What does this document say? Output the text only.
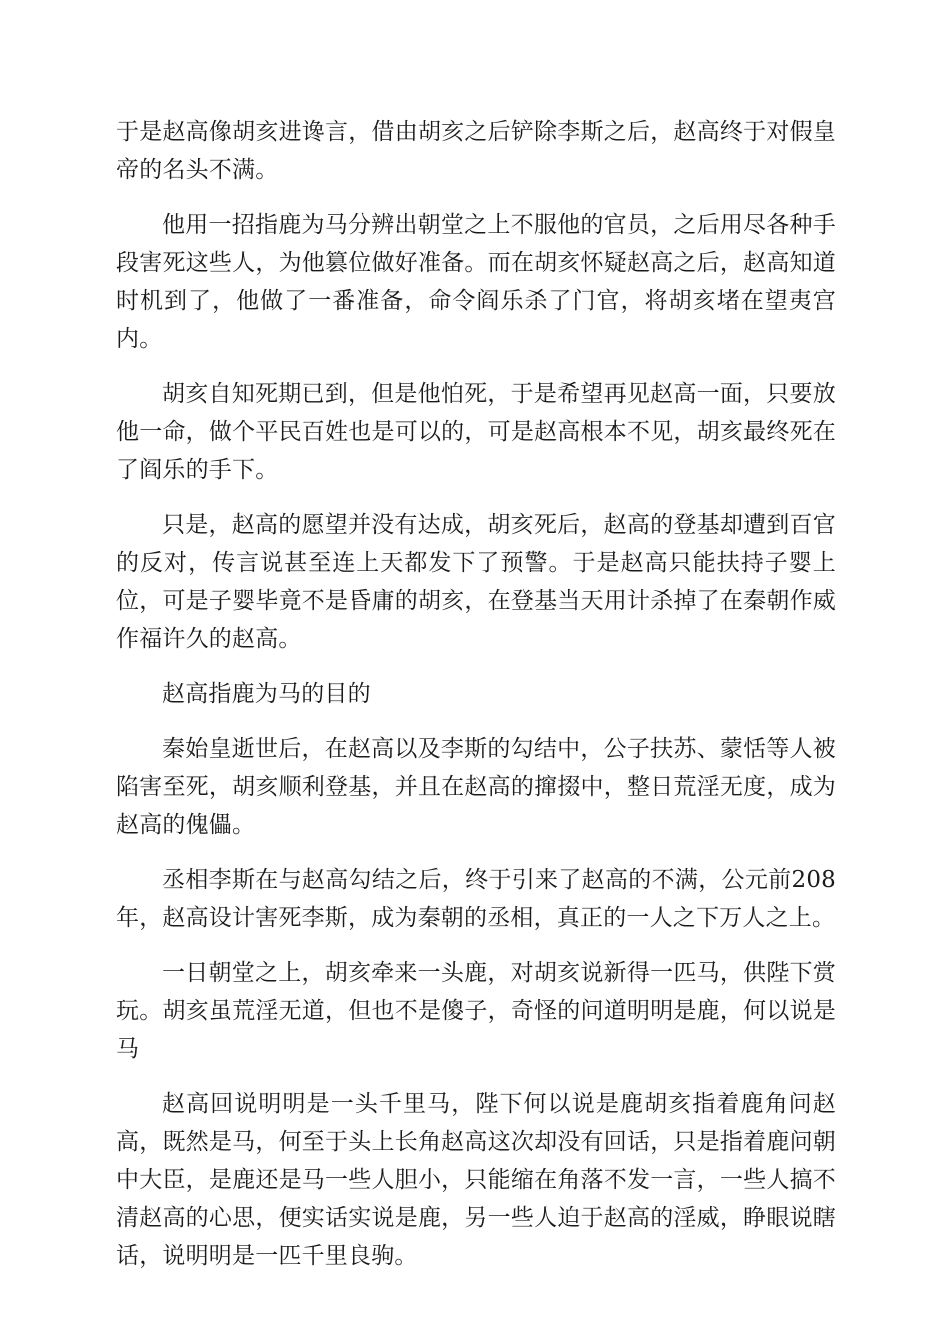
于是赵高像胡亥进谗言，借由胡亥之后铲除李斯之后，赵高终于对假皇帝的名头不满。

他用一招指鹿为马分辨出朝堂之上不服他的官员，之后用尽各种手段害死这些人，为他篡位做好准备。而在胡亥怀疑赵高之后，赵高知道时机到了，他做了一番准备，命令阎乐杀了门官，将胡亥堵在望夷宫内。

胡亥自知死期已到，但是他怕死，于是希望再见赵高一面，只要放他一命，做个平民百姓也是可以的，可是赵高根本不见，胡亥最终死在了阎乐的手下。

只是，赵高的愿望并没有达成，胡亥死后，赵高的登基却遭到百官的反对，传言说甚至连上天都发下了预警。于是赵高只能扶持子婴上位，可是子婴毕竟不是昏庸的胡亥，在登基当天用计杀掉了在秦朝作威作福许久的赵高。

赵高指鹿为马的目的

秦始皇逝世后，在赵高以及李斯的勾结中，公子扶苏、蒙恬等人被陷害至死，胡亥顺利登基，并且在赵高的撺掇中，整日荒淫无度，成为赵高的傀儡。

丞相李斯在与赵高勾结之后，终于引来了赵高的不满，公元前208年，赵高设计害死李斯，成为秦朝的丞相，真正的一人之下万人之上。

一日朝堂之上，胡亥牵来一头鹿，对胡亥说新得一匹马，供陛下赏玩。胡亥虽荒淫无道，但也不是傻子，奇怪的问道明明是鹿，何以说是马

赵高回说明明是一头千里马，陛下何以说是鹿胡亥指着鹿角问赵高，既然是马，何至于头上长角赵高这次却没有回话，只是指着鹿问朝中大臣，是鹿还是马一些人胆小，只能缩在角落不发一言，一些人搞不清赵高的心思，便实话实说是鹿，另一些人迫于赵高的淫威，睁眼说瞎话，说明明是一匹千里良驹。
